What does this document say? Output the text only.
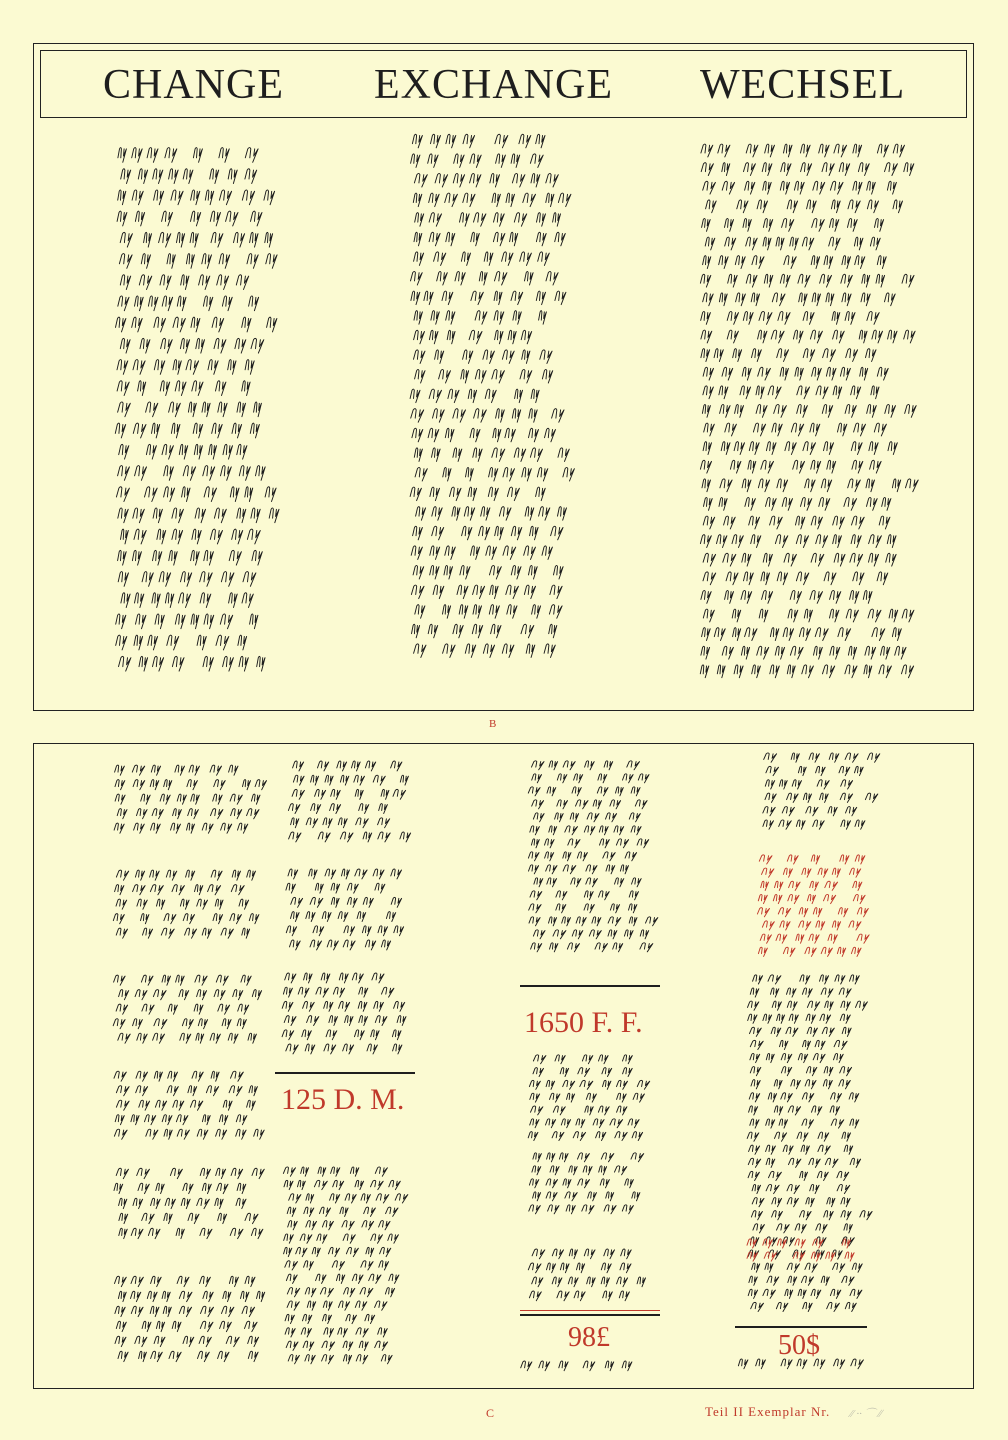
CHANGE EXCHANGE WECHSEL
B
125 D. M.
1650 F. F.
98£	50$
C	Teil II Exemplar Nr. ⁄⁄ ·· ⌒ ∕∕
